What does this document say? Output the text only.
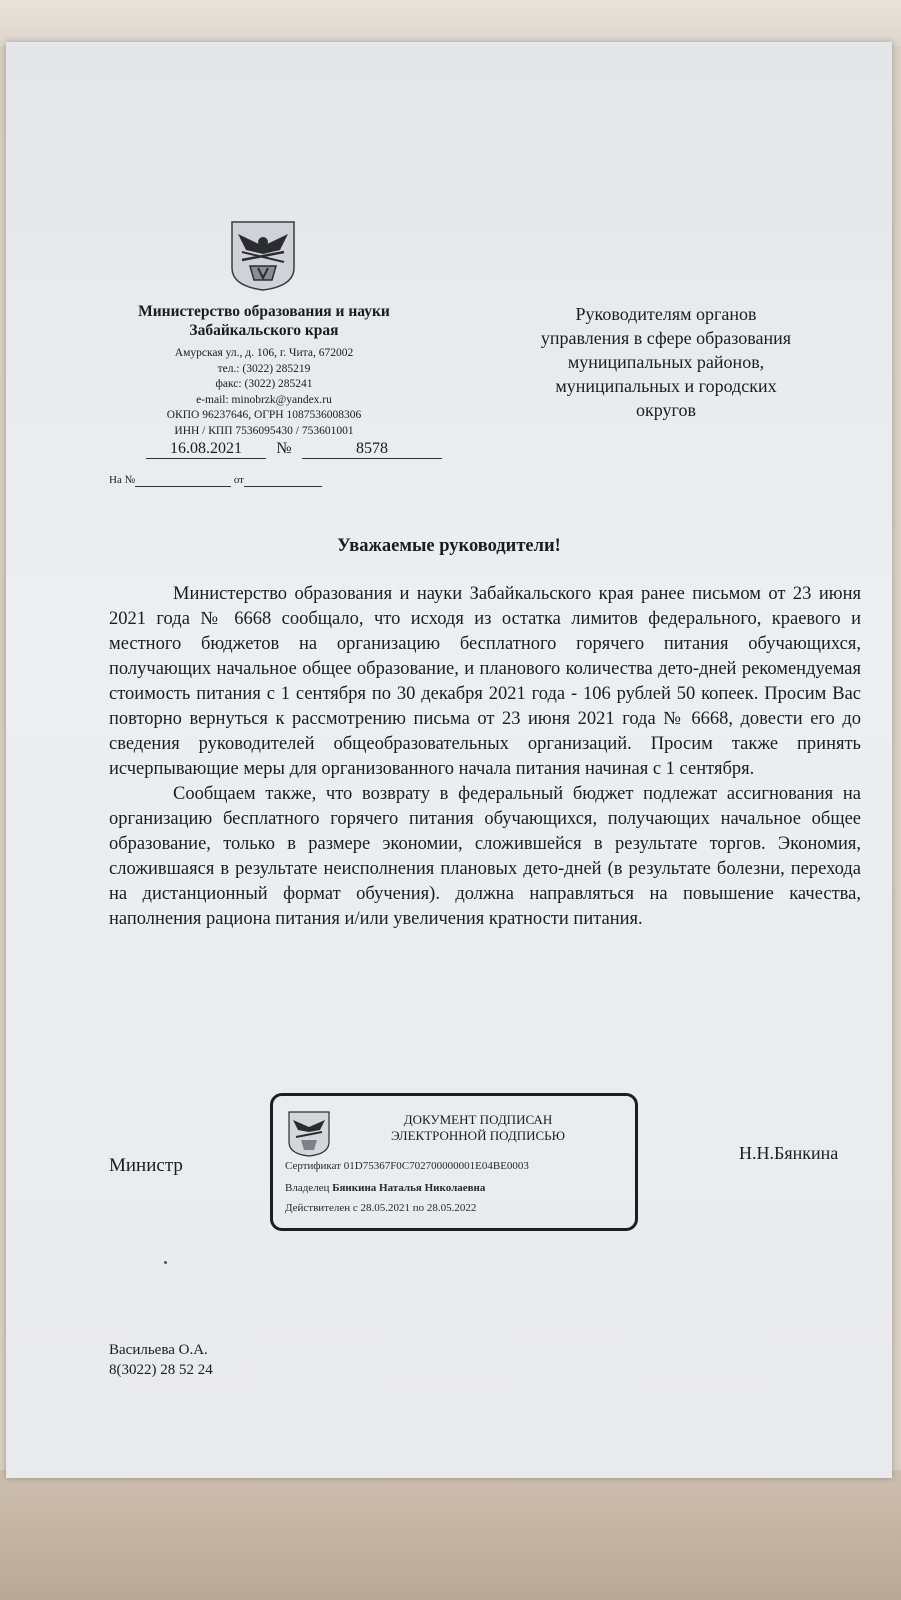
Министерство образования и науки
Забайкальского края
Амурская ул., д. 106, г. Чита, 672002
тел.: (3022) 285219
факс: (3022) 285241
e-mail: minobrzk@yandex.ru
ОКПО 96237646, ОГРН 1087536008306
ИНН / КПП 7536095430 / 753601001
16.08.2021 №	8578
На №	от
Руководителям органов
управления в сфере образования
муниципальных районов,
муниципальных и городских
округов
Уважаемые руководители!

Министерство образования и науки Забайкальского края ранее письмом от 23 июня 2021 года № 6668 сообщало, что исходя из остатка лимитов федерального, краевого и местного бюджетов на организацию бесплатного горячего питания обучающихся, получающих начальное общее образование, и планового количества дето-дней рекомендуемая стоимость питания с 1 сентября по 30 декабря 2021 года - 106 рублей 50 копеек. Просим Вас повторно вернуться к рассмотрению письма от 23 июня 2021 года № 6668, довести его до сведения руководителей общеобразовательных организаций. Просим также принять исчерпывающие меры для организованного начала питания начиная с 1 сентября.

Сообщаем также, что возврату в федеральный бюджет подлежат ассигнования на организацию бесплатного горячего питания обучающихся, получающих начальное общее образование, только в размере экономии, сложившейся в результате торгов. Экономия, сложившаяся в результате неисполнения плановых дето-дней (в результате болезни, перехода на дистанционный формат обучения). должна направляться на повышение качества, наполнения рациона питания и/или увеличения кратности питания.

Министр
ДОКУМЕНТ ПОДПИСАН
ЭЛЕКТРОННОЙ ПОДПИСЬЮ
Сертификат 01D75367F0C702700000001E04BE0003
Владелец Бянкина Наталья Николаевна
Действителен с 28.05.2021 по 28.05.2022
Н.Н.Бянкина
Васильева О.А.
8(3022) 28 52 24
